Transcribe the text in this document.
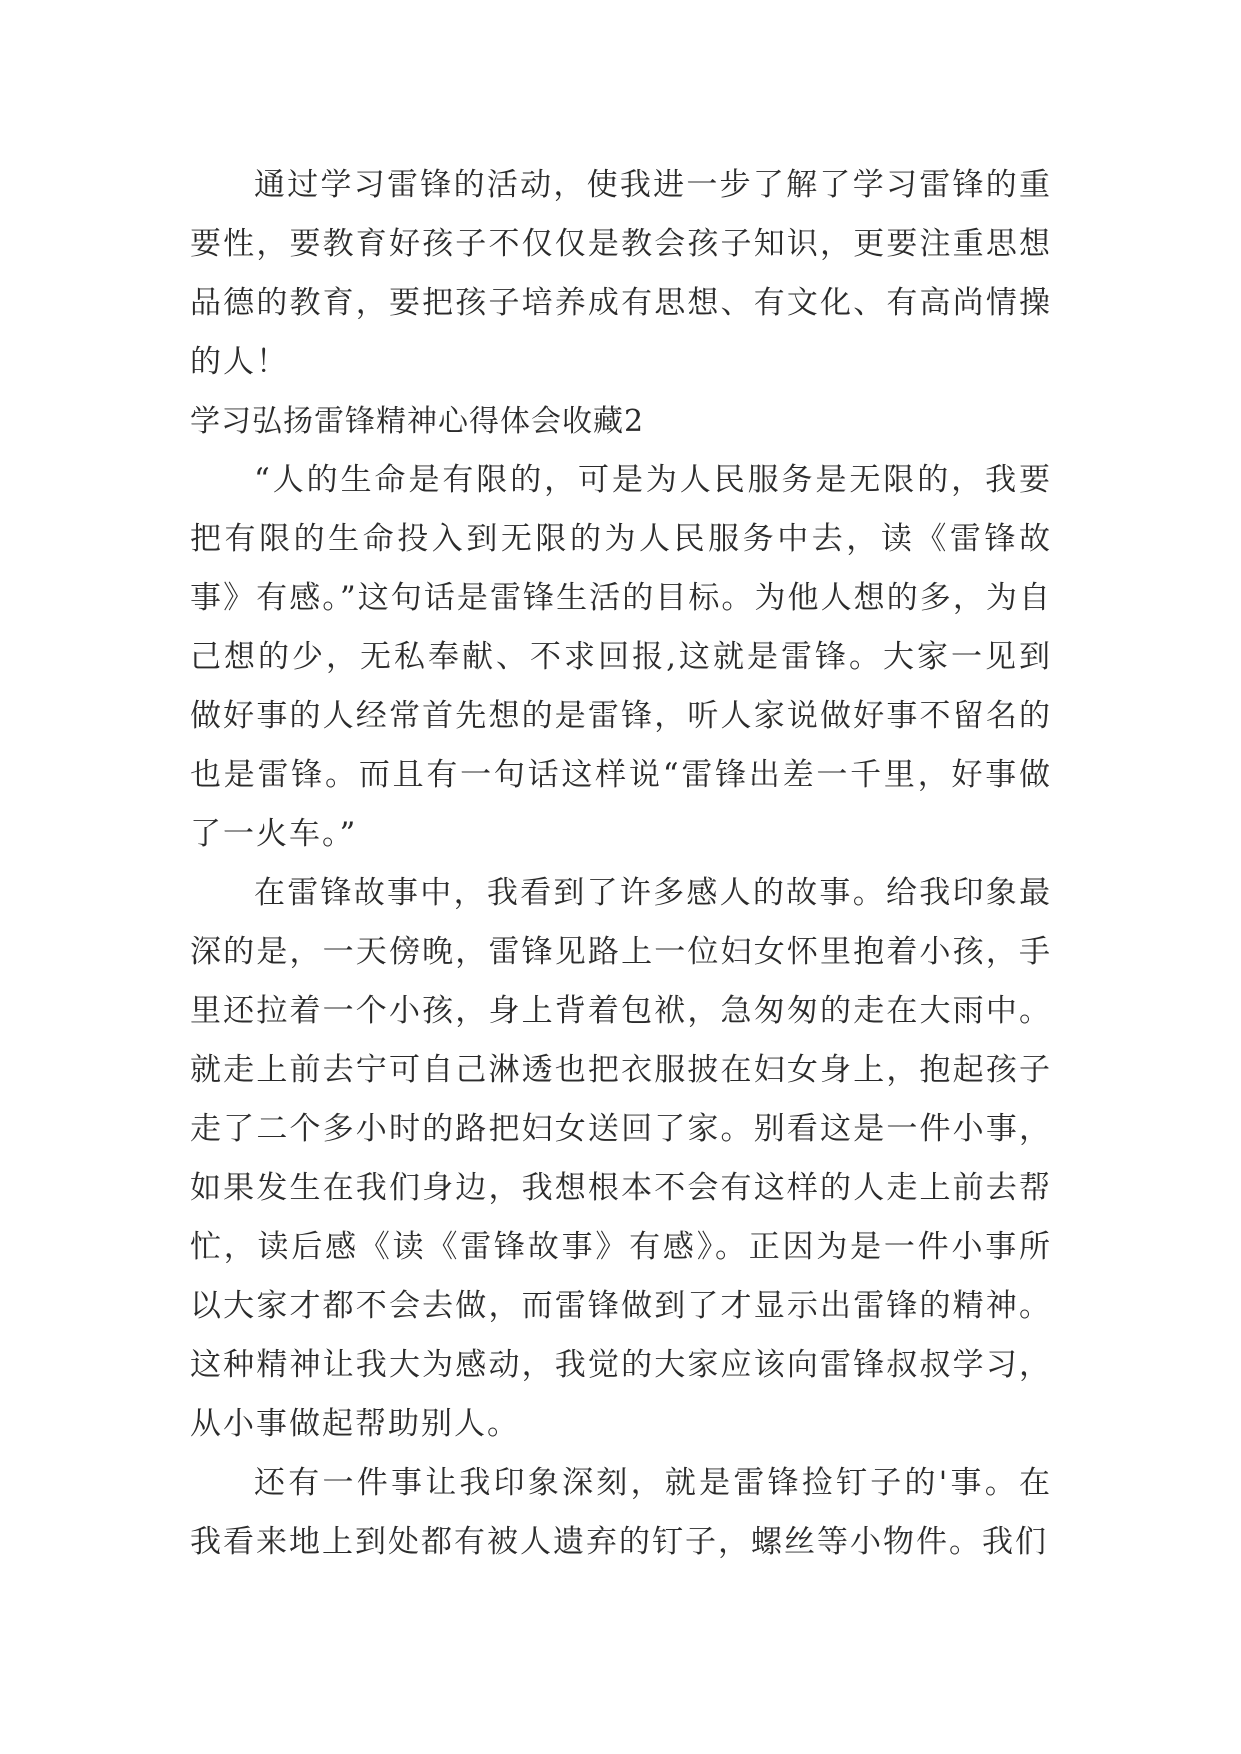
通过学习雷锋的活动，使我进一步了解了学习雷锋的重要性，要教育好孩子不仅仅是教会孩子知识，更要注重思想品德的教育，要把孩子培养成有思想、有文化、有高尚情操的人！

学习弘扬雷锋精神心得体会收藏2

“人的生命是有限的，可是为人民服务是无限的，我要把有限的生命投入到无限的为人民服务中去，读《雷锋故事》有感。”这句话是雷锋生活的目标。为他人想的多，为自己想的少，无私奉献、不求回报,这就是雷锋。大家一见到做好事的人经常首先想的是雷锋，听人家说做好事不留名的也是雷锋。而且有一句话这样说“雷锋出差一千里，好事做了一火车。”

在雷锋故事中，我看到了许多感人的故事。给我印象最深的是，一天傍晚，雷锋见路上一位妇女怀里抱着小孩，手里还拉着一个小孩，身上背着包袱，急匆匆的走在大雨中。就走上前去宁可自己淋透也把衣服披在妇女身上，抱起孩子走了二个多小时的路把妇女送回了家。别看这是一件小事，如果发生在我们身边，我想根本不会有这样的人走上前去帮忙，读后感《读《雷锋故事》有感》。正因为是一件小事所以大家才都不会去做，而雷锋做到了才显示出雷锋的精神。这种精神让我大为感动，我觉的大家应该向雷锋叔叔学习，从小事做起帮助别人。

还有一件事让我印象深刻，就是雷锋捡钉子的'事。在我看来地上到处都有被人遗弃的钉子，螺丝等小物件。我们
